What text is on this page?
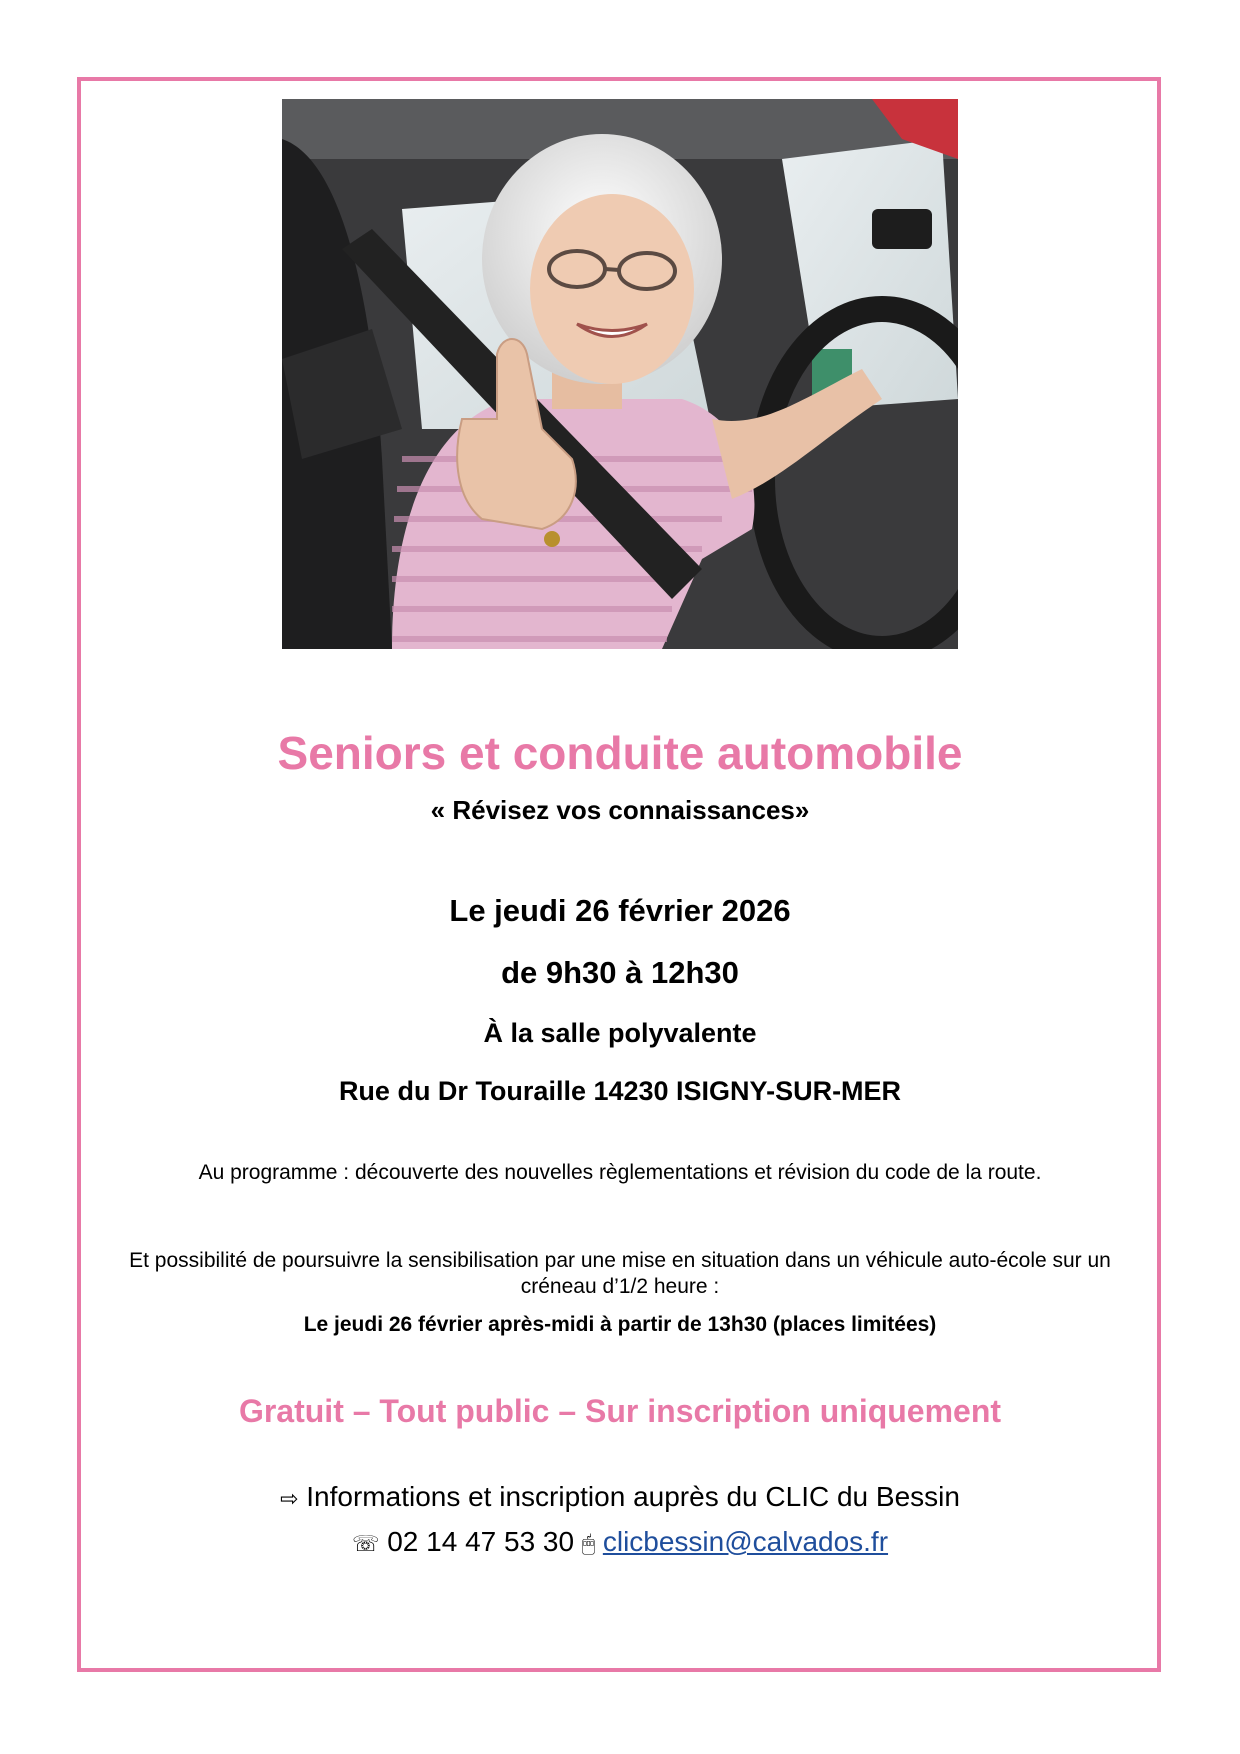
Seniors et conduite automobile
« Révisez vos connaissances»
Le jeudi 26 février 2026
de 9h30 à 12h30
À la salle polyvalente
Rue du Dr Touraille 14230 ISIGNY-SUR-MER
Au programme : découverte des nouvelles règlementations et révision du code de la route.
Et possibilité de poursuivre la sensibilisation par une mise en situation dans un véhicule auto-école sur un créneau d’1/2 heure :
Le jeudi 26 février après-midi à partir de 13h30 (places limitées)
Gratuit – Tout public – Sur inscription uniquement
⇨ Informations et inscription auprès du CLIC du Bessin
☏ 02 14 47 53 30 🖱 clicbessin@calvados.fr
